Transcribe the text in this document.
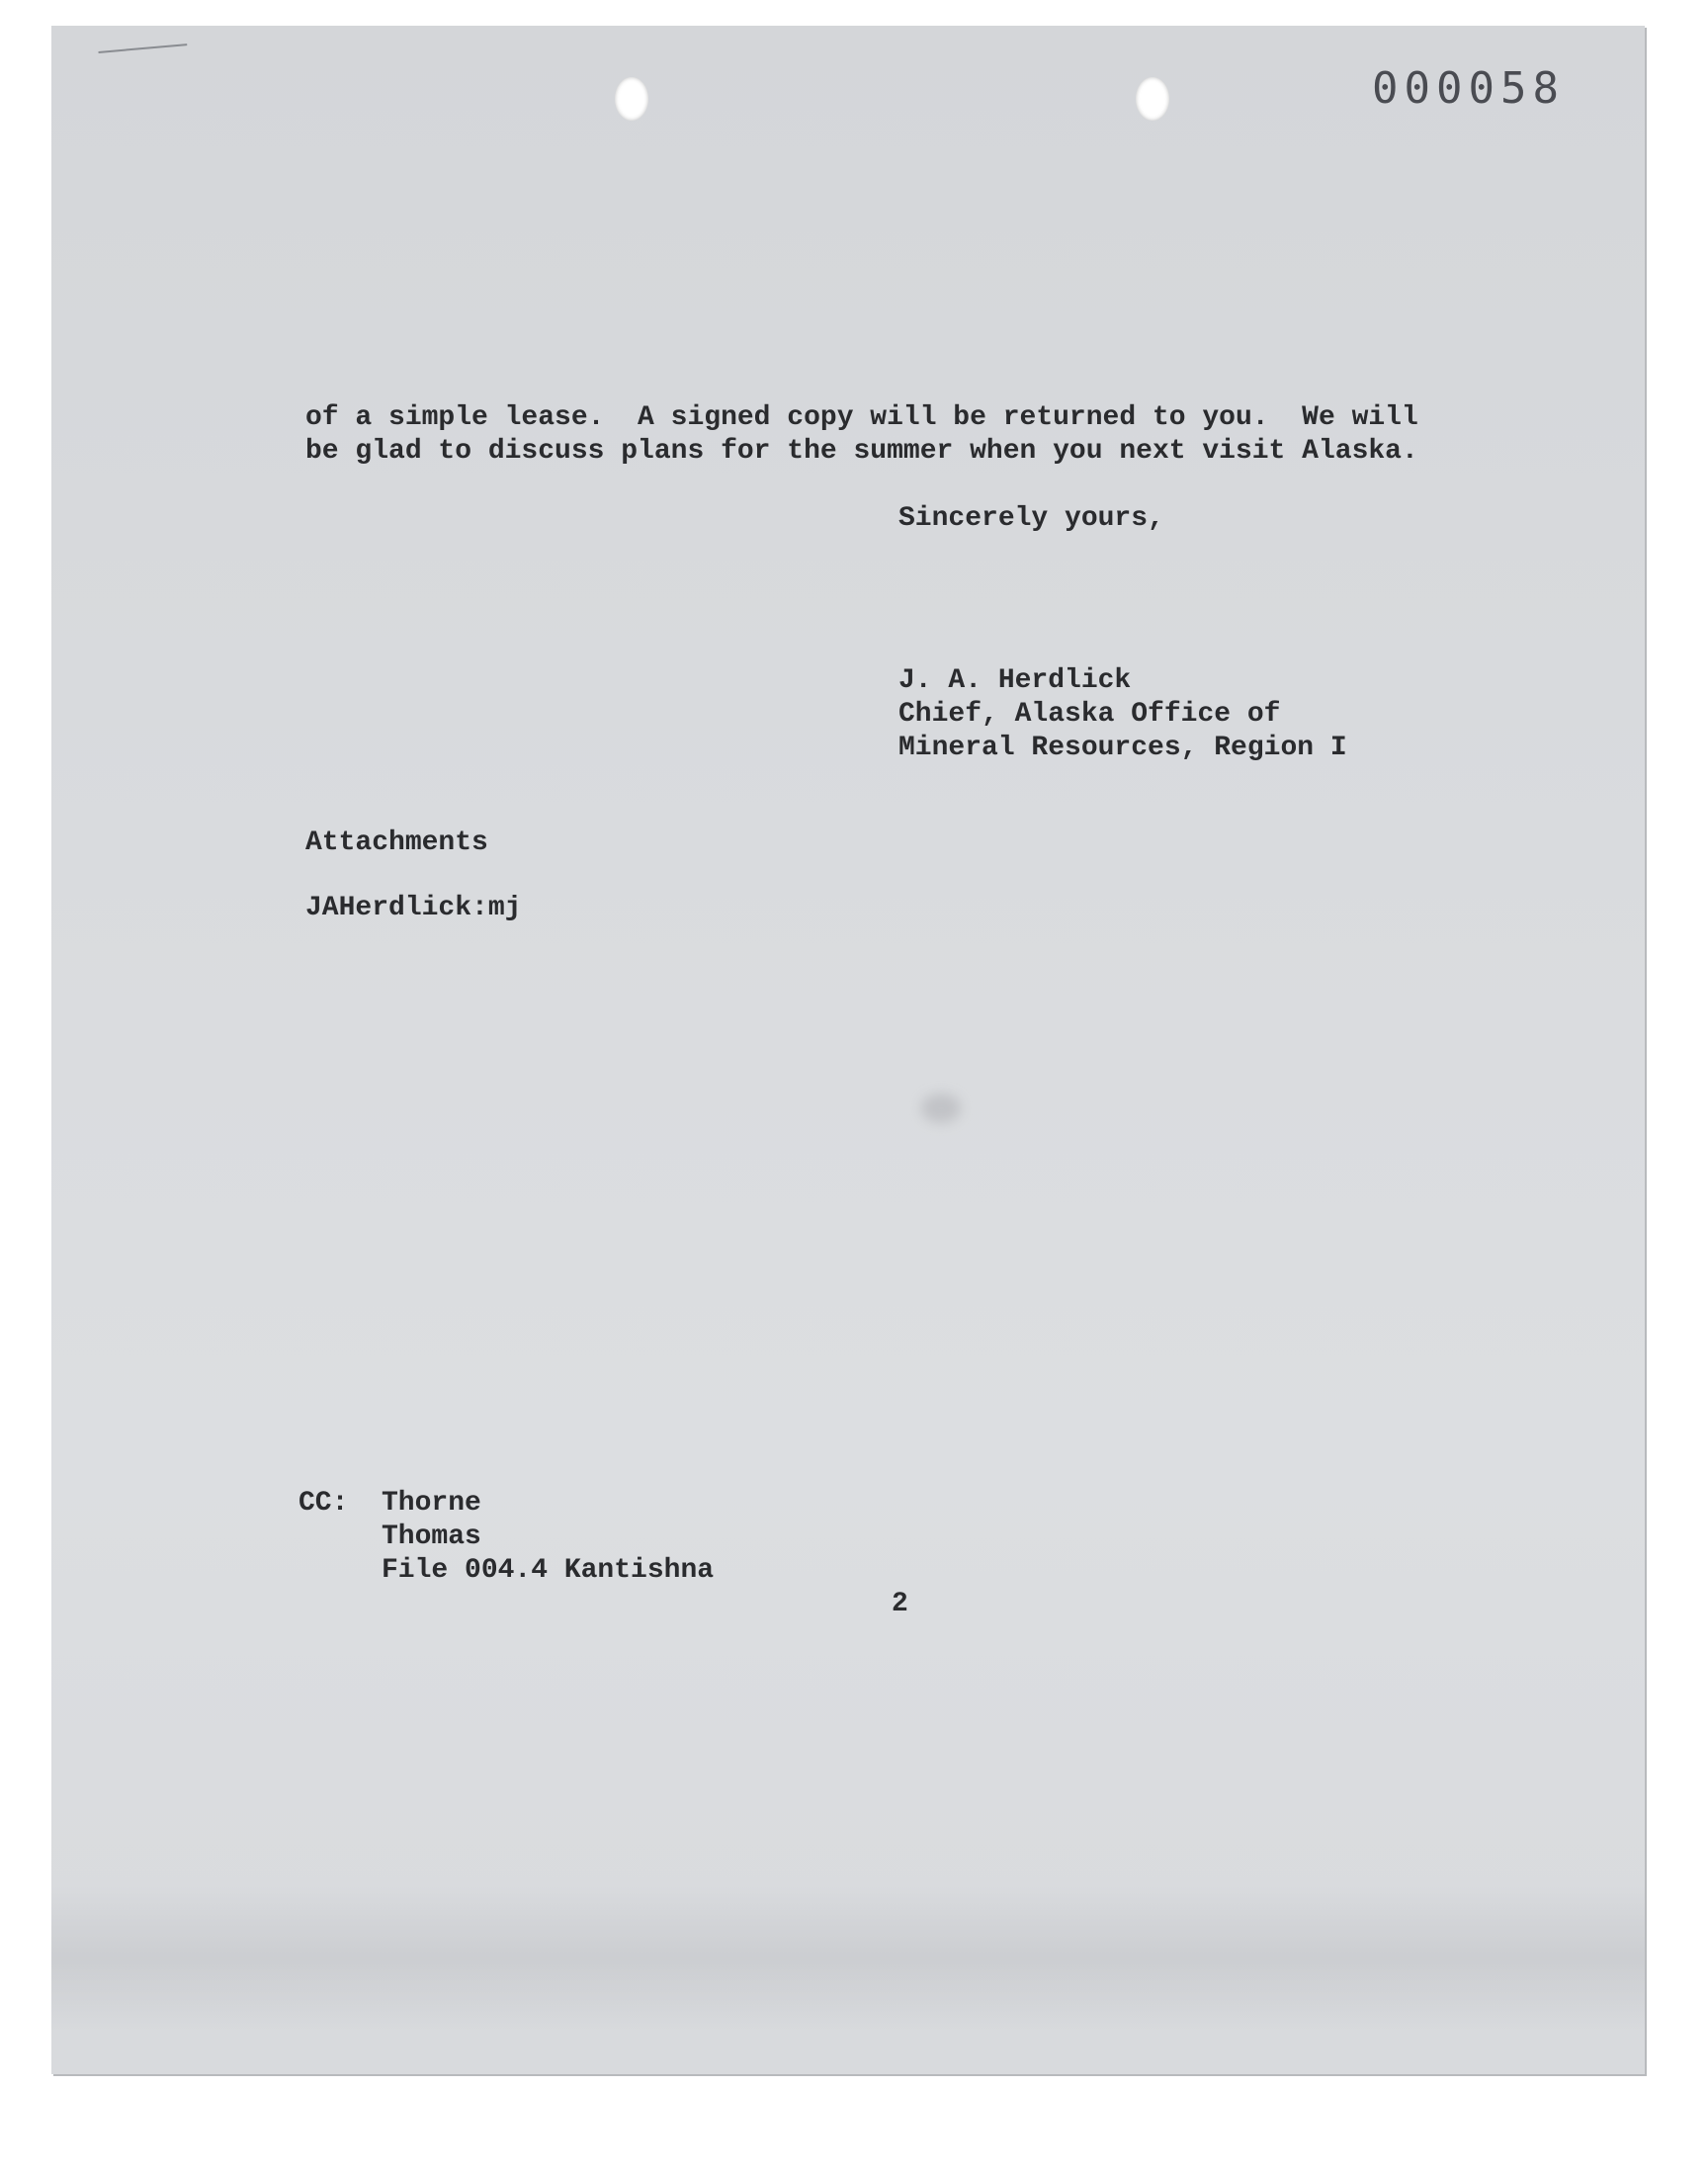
000058
of a simple lease.  A signed copy will be returned to you.  We will
be glad to discuss plans for the summer when you next visit Alaska.
Sincerely yours,
J. A. Herdlick
Chief, Alaska Office of
Mineral Resources, Region I
Attachments
JAHerdlick:mj
CC: Thorne
Thomas
File 004.4 Kantishna
2
